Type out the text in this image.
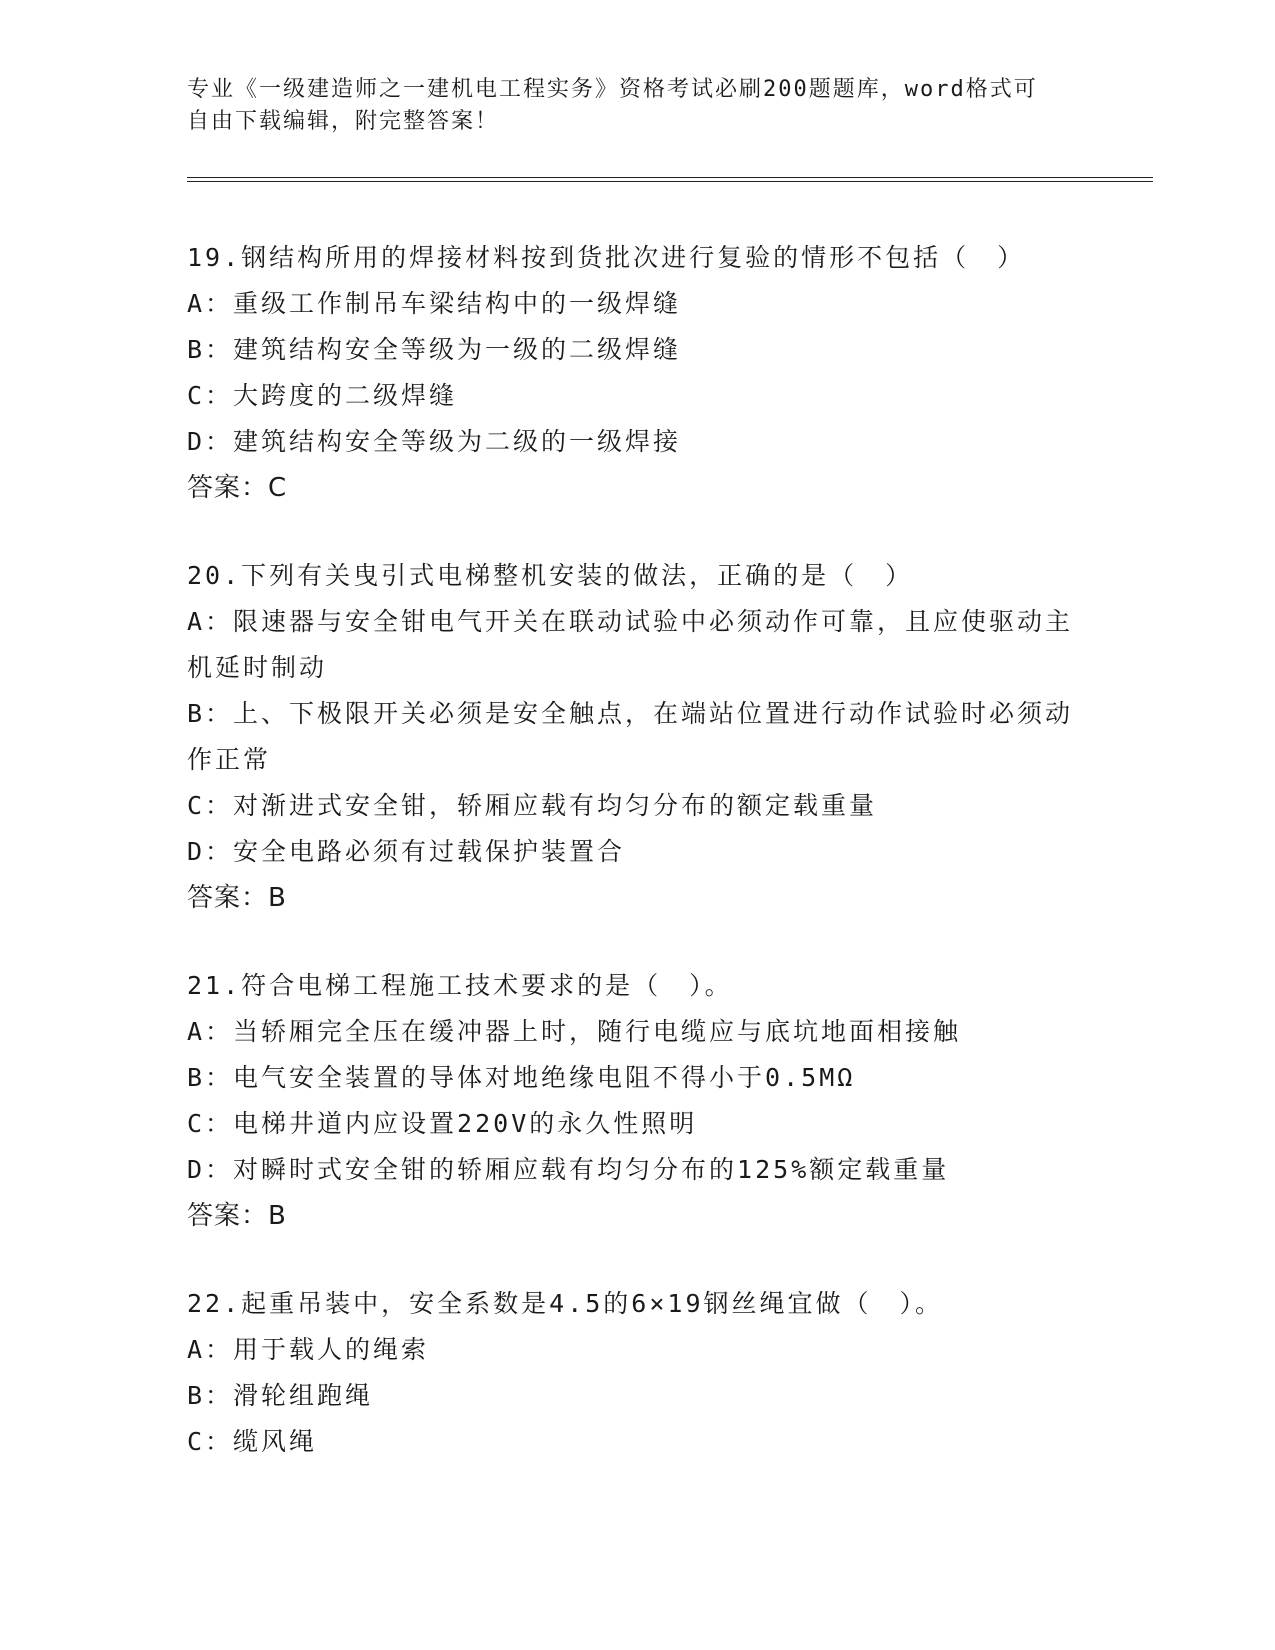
专业《一级建造师之一建机电工程实务》资格考试必刷200题题库，word格式可
自由下载编辑，附完整答案！
19.钢结构所用的焊接材料按到货批次进行复验的情形不包括（　）
A：重级工作制吊车梁结构中的一级焊缝
B：建筑结构安全等级为一级的二级焊缝
C：大跨度的二级焊缝
D：建筑结构安全等级为二级的一级焊接
答案：C
20.下列有关曳引式电梯整机安装的做法，正确的是（　）
A：限速器与安全钳电气开关在联动试验中必须动作可靠，且应使驱动主机延时制动
B：上、下极限开关必须是安全触点，在端站位置进行动作试验时必须动作正常
C：对渐进式安全钳，轿厢应载有均匀分布的额定载重量
D：安全电路必须有过载保护装置合
答案：B
21.符合电梯工程施工技术要求的是（　）。
A：当轿厢完全压在缓冲器上时，随行电缆应与底坑地面相接触
B：电气安全装置的导体对地绝缘电阻不得小于0.5MΩ
C：电梯井道内应设置220V的永久性照明
D：对瞬时式安全钳的轿厢应载有均匀分布的125%额定载重量
答案：B
22.起重吊装中，安全系数是4.5的6×19钢丝绳宜做（　）。
A：用于载人的绳索
B：滑轮组跑绳
C：缆风绳
